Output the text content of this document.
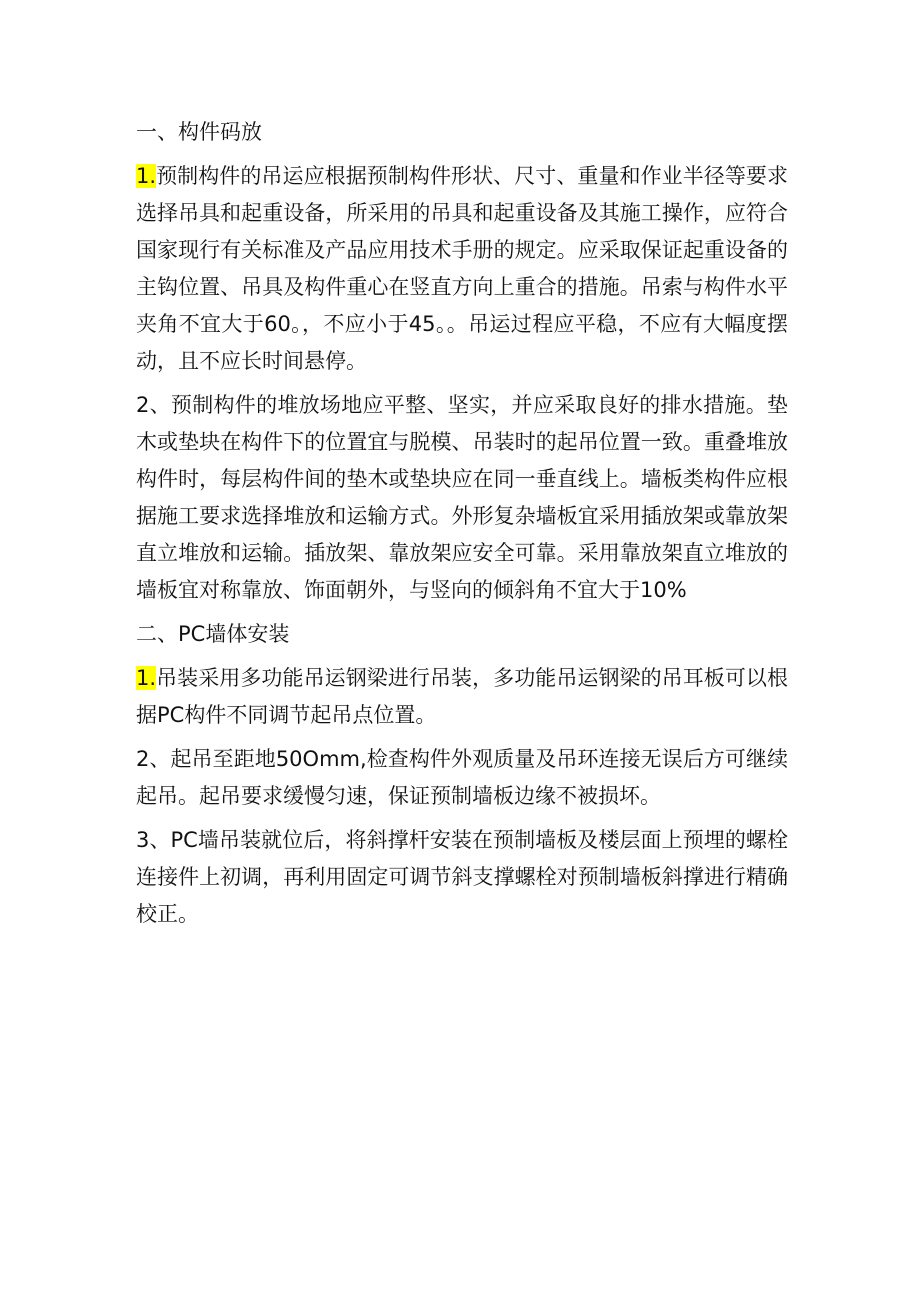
一、构件码放

1.预制构件的吊运应根据预制构件形状、尺寸、重量和作业半径等要求选择吊具和起重设备，所采用的吊具和起重设备及其施工操作，应符合国家现行有关标准及产品应用技术手册的规定。应采取保证起重设备的主钩位置、吊具及构件重心在竖直方向上重合的措施。吊索与构件水平夹角不宜大于60。，不应小于45。。吊运过程应平稳，不应有大幅度摆动，且不应长时间悬停。

2、预制构件的堆放场地应平整、坚实，并应采取良好的排水措施。垫木或垫块在构件下的位置宜与脱模、吊装时的起吊位置一致。重叠堆放构件时，每层构件间的垫木或垫块应在同一垂直线上。墙板类构件应根据施工要求选择堆放和运输方式。外形复杂墙板宜采用插放架或靠放架直立堆放和运输。插放架、靠放架应安全可靠。采用靠放架直立堆放的墙板宜对称靠放、饰面朝外，与竖向的倾斜角不宜大于10%

二、PC墙体安装

1.吊装采用多功能吊运钢梁进行吊装，多功能吊运钢梁的吊耳板可以根据PC构件不同调节起吊点位置。

2、起吊至距地50Omm,检查构件外观质量及吊环连接无误后方可继续起吊。起吊要求缓慢匀速，保证预制墙板边缘不被损坏。

3、PC墙吊装就位后，将斜撑杆安装在预制墙板及楼层面上预埋的螺栓连接件上初调，再利用固定可调节斜支撑螺栓对预制墙板斜撑进行精确校正。
